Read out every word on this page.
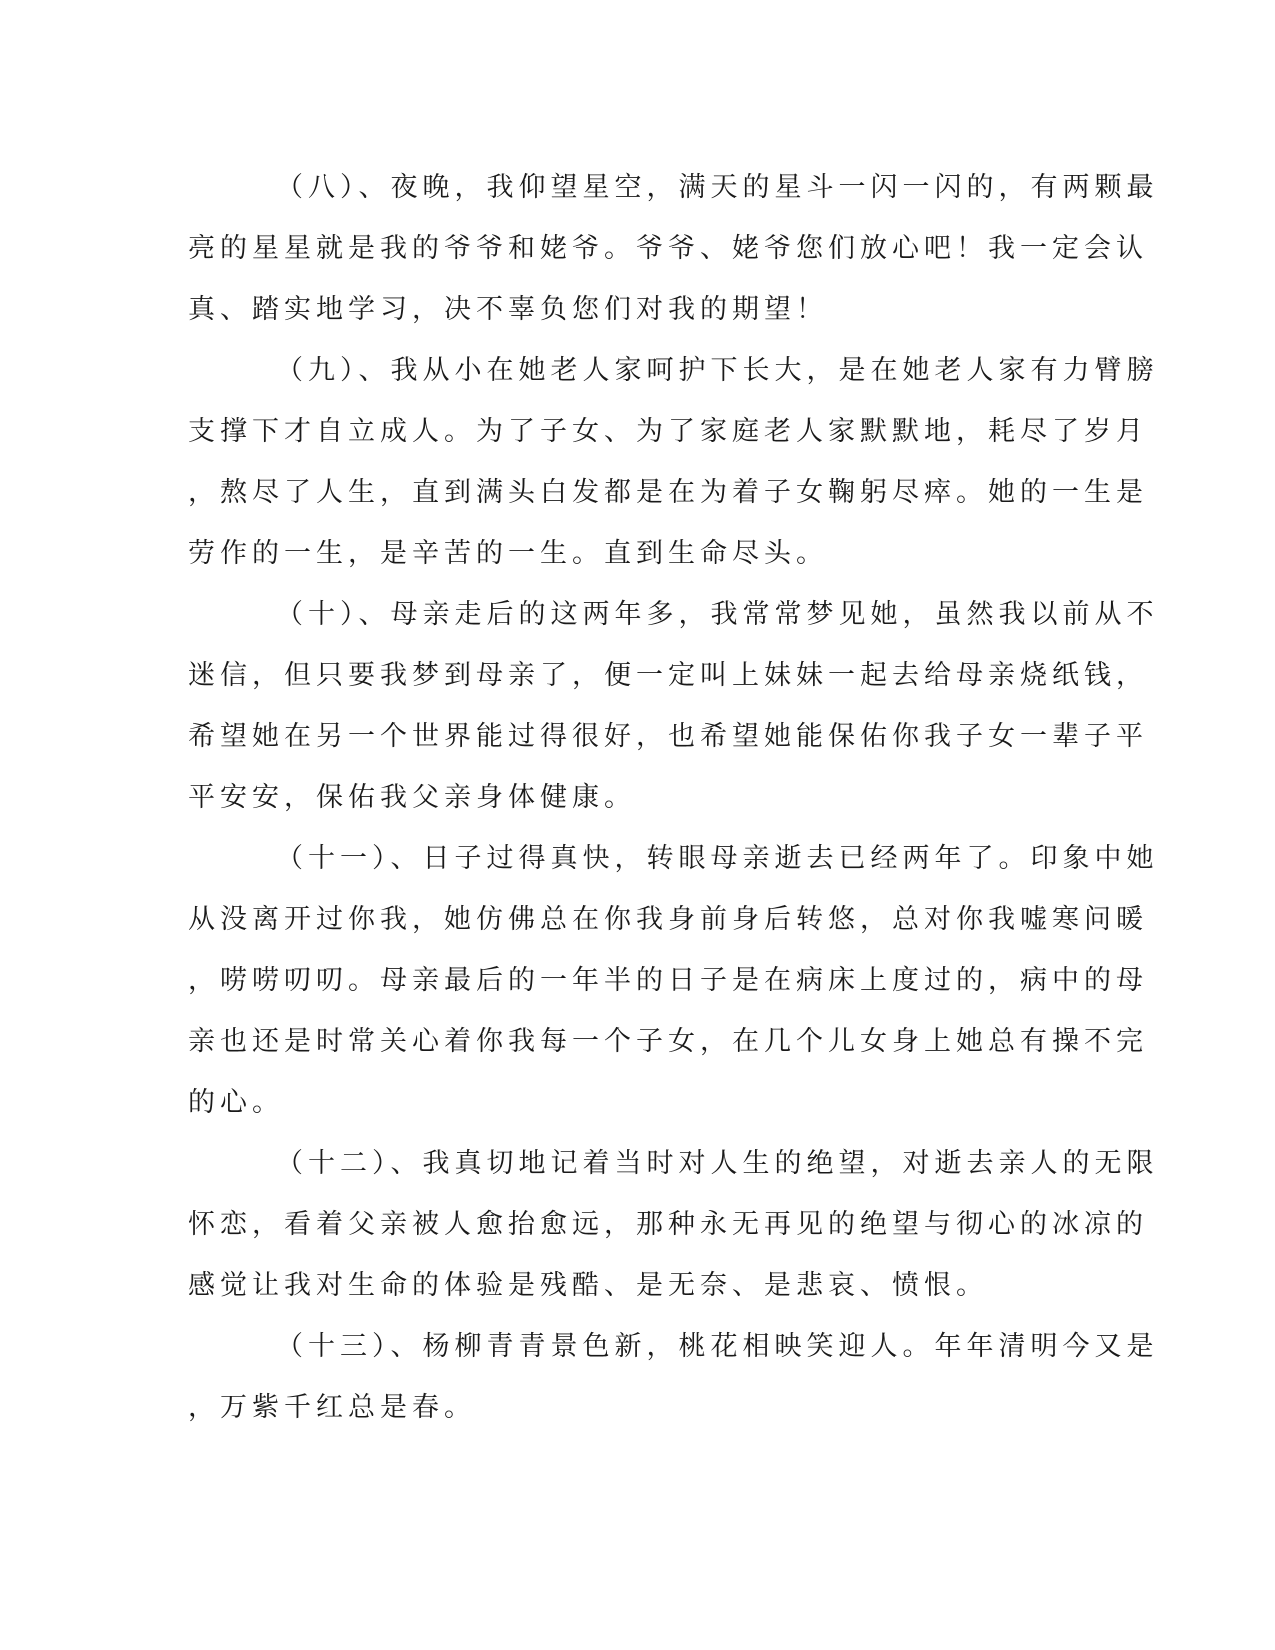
（八）、夜晚，我仰望星空，满天的星斗一闪一闪的，有两颗最
亮的星星就是我的爷爷和姥爷。爷爷、姥爷您们放心吧！我一定会认
真、踏实地学习，决不辜负您们对我的期望！
（九）、我从小在她老人家呵护下长大，是在她老人家有力臂膀
支撑下才自立成人。为了子女、为了家庭老人家默默地，耗尽了岁月
，熬尽了人生，直到满头白发都是在为着子女鞠躬尽瘁。她的一生是
劳作的一生，是辛苦的一生。直到生命尽头。
（十）、母亲走后的这两年多，我常常梦见她，虽然我以前从不
迷信，但只要我梦到母亲了，便一定叫上妹妹一起去给母亲烧纸钱，
希望她在另一个世界能过得很好，也希望她能保佑你我子女一辈子平
平安安，保佑我父亲身体健康。
（十一）、日子过得真快，转眼母亲逝去已经两年了。印象中她
从没离开过你我，她仿佛总在你我身前身后转悠，总对你我嘘寒问暖
，唠唠叨叨。母亲最后的一年半的日子是在病床上度过的，病中的母
亲也还是时常关心着你我每一个子女，在几个儿女身上她总有操不完
的心。
（十二）、我真切地记着当时对人生的绝望，对逝去亲人的无限
怀恋，看着父亲被人愈抬愈远，那种永无再见的绝望与彻心的冰凉的
感觉让我对生命的体验是残酷、是无奈、是悲哀、愤恨。
（十三）、杨柳青青景色新，桃花相映笑迎人。年年清明今又是
，万紫千红总是春。
